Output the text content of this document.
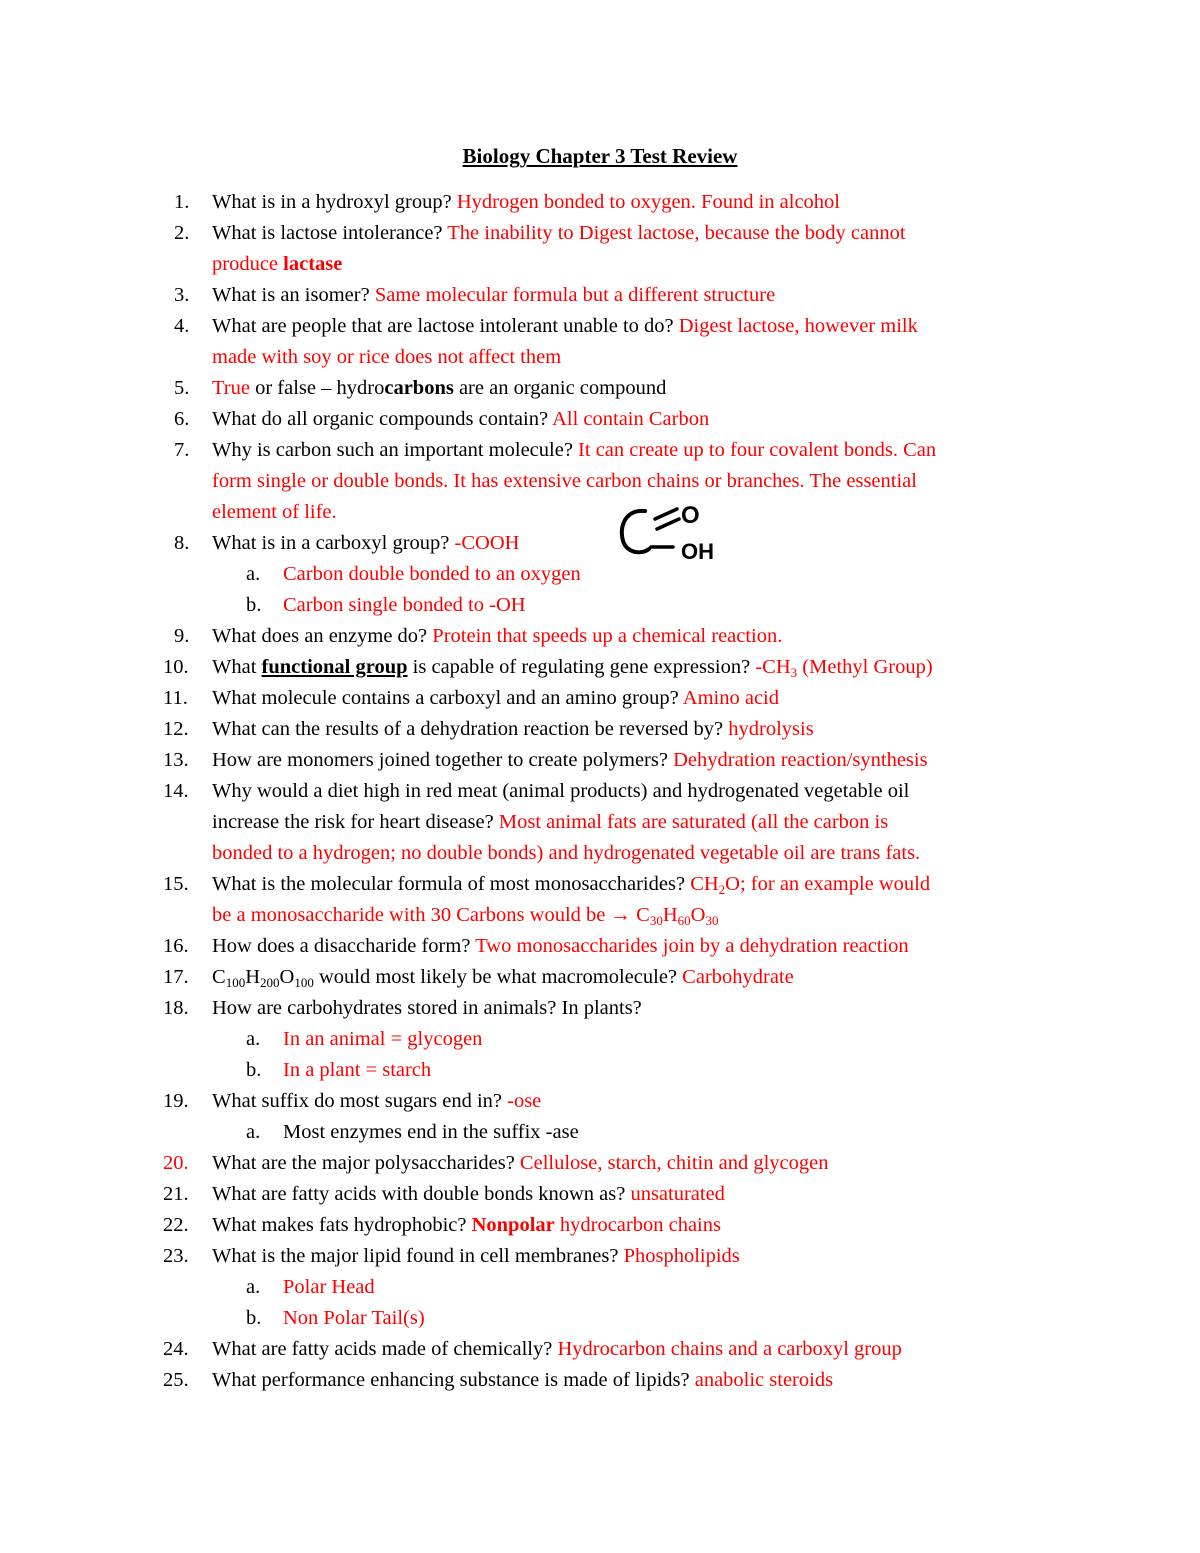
Biology Chapter 3 Test Review
O
OH
1. What is in a hydroxyl group? Hydrogen bonded to oxygen. Found in alcohol
2. What is lactose intolerance? The inability to Digest lactose, because the body cannot
produce lactase
3. What is an isomer? Same molecular formula but a different structure
4. What are people that are lactose intolerant unable to do? Digest lactose, however milk
made with soy or rice does not affect them
5. True or false – hydrocarbons are an organic compound
6. What do all organic compounds contain? All contain Carbon
7. Why is carbon such an important molecule? It can create up to four covalent bonds. Can
form single or double bonds. It has extensive carbon chains or branches. The essential
element of life.
8. What is in a carboxyl group? -COOH
a. Carbon double bonded to an oxygen
b. Carbon single bonded to -OH
9. What does an enzyme do? Protein that speeds up a chemical reaction.
10. What functional group is capable of regulating gene expression? $-CH_3$ (Methyl Group)
11. What molecule contains a carboxyl and an amino group? Amino acid
12. What can the results of a dehydration reaction be reversed by? hydrolysis
13. How are monomers joined together to create polymers? Dehydration reaction/synthesis
14. Why would a diet high in red meat (animal products) and hydrogenated vegetable oil
increase the risk for heart disease? Most animal fats are saturated (all the carbon is
bonded to a hydrogen; no double bonds) and hydrogenated vegetable oil are trans fats.
15. What is the molecular formula of most monosaccharides? $CH_2O$; for an example would
be a monosaccharide with 30 Carbons would be → $C_{30}H_{60}O_{30}$
16. How does a disaccharide form? Two monosaccharides join by a dehydration reaction
17. $C_{100}H_{200}O_{100}$ would most likely be what macromolecule? Carbohydrate
18. How are carbohydrates stored in animals? In plants?
a. In an animal = glycogen
b. In a plant = starch
19. What suffix do most sugars end in? -ose
a. Most enzymes end in the suffix -ase
20. What are the major polysaccharides? Cellulose, starch, chitin and glycogen
21. What are fatty acids with double bonds known as? unsaturated
22. What makes fats hydrophobic? Nonpolar hydrocarbon chains
23. What is the major lipid found in cell membranes? Phospholipids
a. Polar Head
b. Non Polar Tail(s)
24. What are fatty acids made of chemically? Hydrocarbon chains and a carboxyl group
25. What performance enhancing substance is made of lipids? anabolic steroids
